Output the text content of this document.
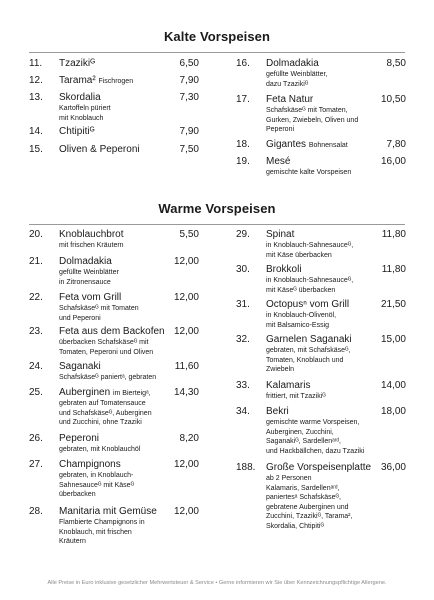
Kalte Vorspeisen
11. Tzazikiᴳ	6,50
12. Tarama² Fischrogen	7,90
13. Skordalia	7,30
Kartoffeln püriert
mit Knoblauch
14. Chtipitiᴳ	7,90
15. Oliven & Peperoni	7,50
16. Dolmadakia	8,50
gefüllte Weinblätter,
dazu Tzazikiᴳ
17. Feta Natur	10,50
Schafskäseᴳ mit Tomaten,
Gurken, Zwiebeln, Oliven und
Peperoni
18. Gigantes Bohnensalat	7,80
19. Mesé	16,00
gemischte kalte Vorspeisen
Warme Vorspeisen
20. Knoblauchbrot	5,50
mit frischen Kräutern
21. Dolmadakia	12,00
gefüllte Weinblätter
in Zitronensauce
22. Feta vom Grill	12,00
Schafskäseᴳ mit Tomaten
und Peperoni
23. Feta aus dem Backofen 12,00
überbacken Schafskäseᴳ mit
Tomaten, Peperoni und Oliven
24. Saganaki	11,60
Schafskäseᴳ paniertᵃ, gebraten
25. Auberginen im Bierteigᵃ, 14,30
gebraten auf Tomatensauce
und Schafskäseᴳ, Auberginen
und Zucchini, ohne Tzaziki
26. Peperoni	8,20
gebraten, mit Knoblauchöl
27. Champignons	12,00
gebraten, in Knoblauch-
Sahnesauceᴳ mit Käseᴳ
überbacken
28. Manitaria mit Gemüse 12,00
Flambierte Champignons in
Knoblauch, mit frischen
Kräutern
29. Spinat	11,80
in Knoblauch-Sahnesauceᴳ,
mit Käse überbacken
30. Brokkoli	11,80
in Knoblauch-Sahnesauceᴳ,
mit Käseᴳ überbacken
31. Octopusⁿ vom Grill	21,50
in Knoblauch-Olivenöl,
mit Balsamico-Essig
32. Garnelen Saganaki	15,00
gebraten, mit Schafskäseᴳ,
Tomaten, Knoblauch und
Zwiebeln
33. Kalamaris	14,00
frittiert, mit Tzazikiᴳ
34. Bekri	18,00
gemischte warme Vorspeisen,
Auberginen, Zucchini,
Saganakiᴳ, Sardellenᵃʳᵈ,
und Hackbällchen, dazu Tzaziki
188. Große Vorspeisenplatte 36,00
ab 2 Personen
Kalamaris, Sardellenᵃʳᵈ,
paniertesᵃ Schafskäseᴳ,
gebratene Auberginen und
Zucchini, Tzazikiᴳ, Tarama²,
Skordalia, Chtipitiᴳ
Alle Preise in Euro inklusive gesetzlicher Mehrwertsteuer & Service • Gerne informieren wir Sie über Kennzeichnungspflichtige Allergene.
